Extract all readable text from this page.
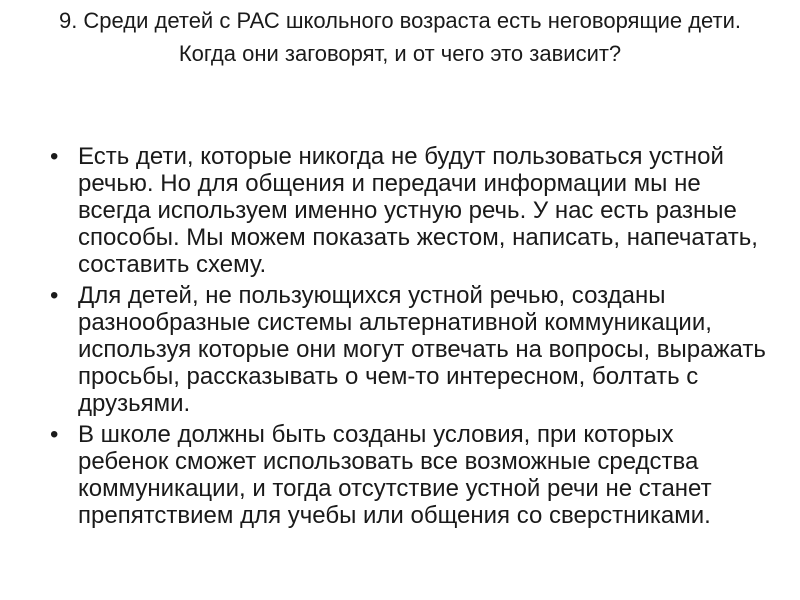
9. Среди детей с РАС школьного возраста есть неговорящие дети. Когда они заговорят, и от чего это зависит?
• Есть дети, которые никогда не будут пользоваться устной речью. Но для общения и передачи информации мы не всегда используем именно устную речь. У нас есть разные способы. Мы можем показать жестом, написать, напечатать, составить схему.
• Для детей, не пользующихся устной речью, созданы разнообразные системы альтернативной коммуникации, используя которые они могут отвечать на вопросы, выражать просьбы, рассказывать о чем-то интересном, болтать с друзьями.
• В школе должны быть созданы условия, при которых ребенок сможет использовать все возможные средства коммуникации, и тогда отсутствие устной речи не станет препятствием для учебы или общения со сверстниками.
